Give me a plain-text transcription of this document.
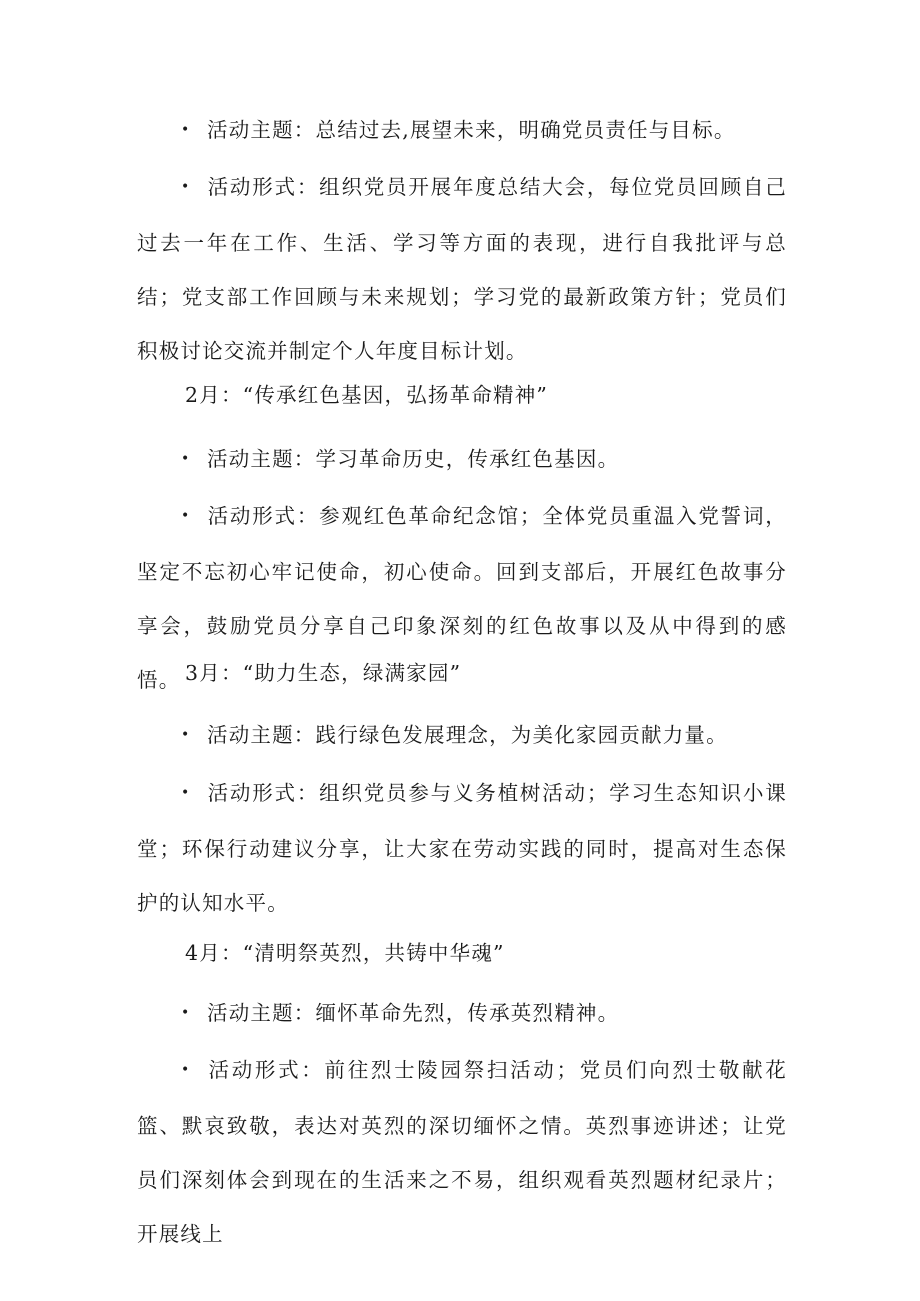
• 活动主题：总结过去,展望未来，明确党员责任与目标。

• 活动形式：组织党员开展年度总结大会，每位党员回顾自己过去一年在工作、生活、学习等方面的表现，进行自我批评与总结；党支部工作回顾与未来规划；学习党的最新政策方针；党员们积极讨论交流并制定个人年度目标计划。

2月：“传承红色基因，弘扬革命精神”

• 活动主题：学习革命历史，传承红色基因。

• 活动形式：参观红色革命纪念馆；全体党员重温入党誓词，坚定不忘初心牢记使命，初心使命。回到支部后，开展红色故事分享会，鼓励党员分享自己印象深刻的红色故事以及从中得到的感悟。 3月：“助力生态，绿满家园”

• 活动主题：践行绿色发展理念，为美化家园贡献力量。

• 活动形式：组织党员参与义务植树活动；学习生态知识小课堂；环保行动建议分享，让大家在劳动实践的同时，提高对生态保护的认知水平。

4月：“清明祭英烈，共铸中华魂”

• 活动主题：缅怀革命先烈，传承英烈精神。

• 活动形式：前往烈士陵园祭扫活动；党员们向烈士敬献花篮、默哀致敬，表达对英烈的深切缅怀之情。英烈事迹讲述；让党员们深刻体会到现在的生活来之不易，组织观看英烈题材纪录片；开展线上
